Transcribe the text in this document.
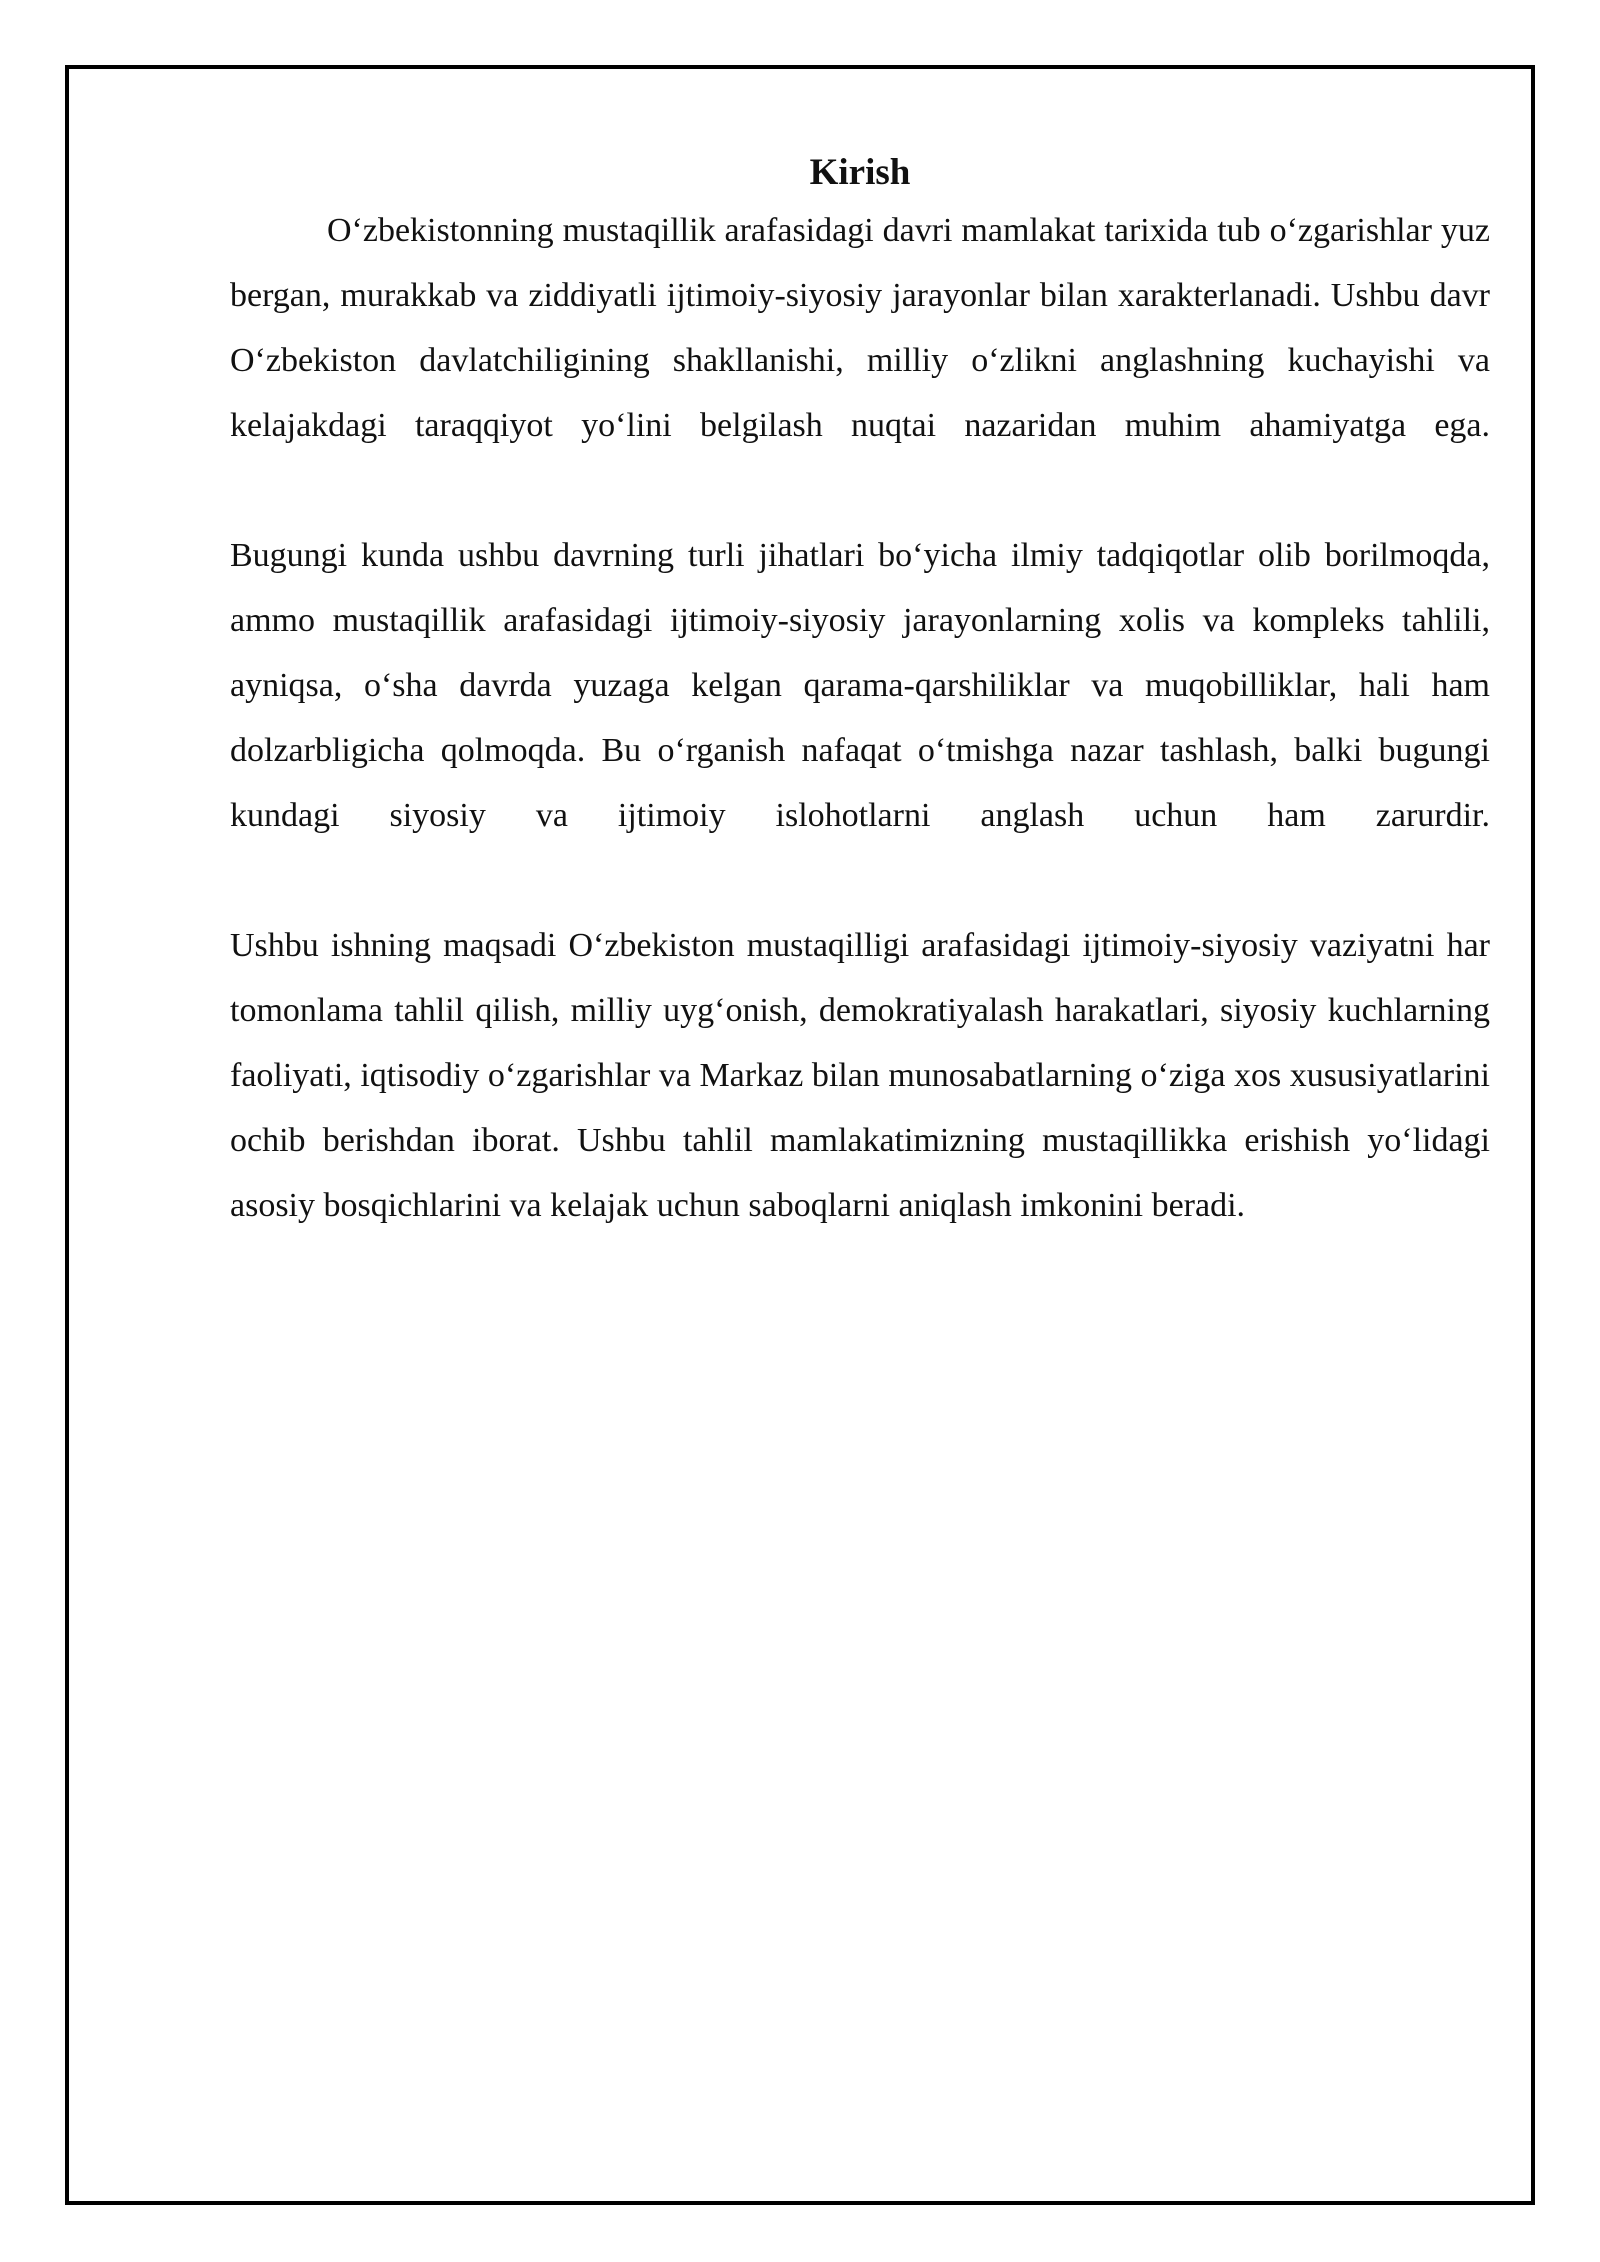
Kirish

O‘zbekistonning mustaqillik arafasidagi davri mamlakat tarixida tub o‘zgarishlar yuz bergan, murakkab va ziddiyatli ijtimoiy-siyosiy jarayonlar bilan xarakterlanadi. Ushbu davr O‘zbekiston davlatchiligining shakllanishi, milliy o‘zlikni anglashning kuchayishi va kelajakdagi taraqqiyot yo‘lini belgilash nuqtai nazaridan muhim ahamiyatga ega.

Bugungi kunda ushbu davrning turli jihatlari bo‘yicha ilmiy tadqiqotlar olib borilmoqda, ammo mustaqillik arafasidagi ijtimoiy-siyosiy jarayonlarning xolis va kompleks tahlili, ayniqsa, o‘sha davrda yuzaga kelgan qarama-qarshiliklar va muqobilliklar, hali ham dolzarbligicha qolmoqda. Bu o‘rganish nafaqat o‘tmishga nazar tashlash, balki bugungi kundagi siyosiy va ijtimoiy islohotlarni anglash uchun ham zarurdir.

Ushbu ishning maqsadi O‘zbekiston mustaqilligi arafasidagi ijtimoiy-siyosiy vaziyatni har tomonlama tahlil qilish, milliy uyg‘onish, demokratiyalash harakatlari, siyosiy kuchlarning faoliyati, iqtisodiy o‘zgarishlar va Markaz bilan munosabatlarning o‘ziga xos xususiyatlarini ochib berishdan iborat. Ushbu tahlil mamlakatimizning mustaqillikka erishish yo‘lidagi asosiy bosqichlarini va kelajak uchun saboqlarni aniqlash imkonini beradi.
